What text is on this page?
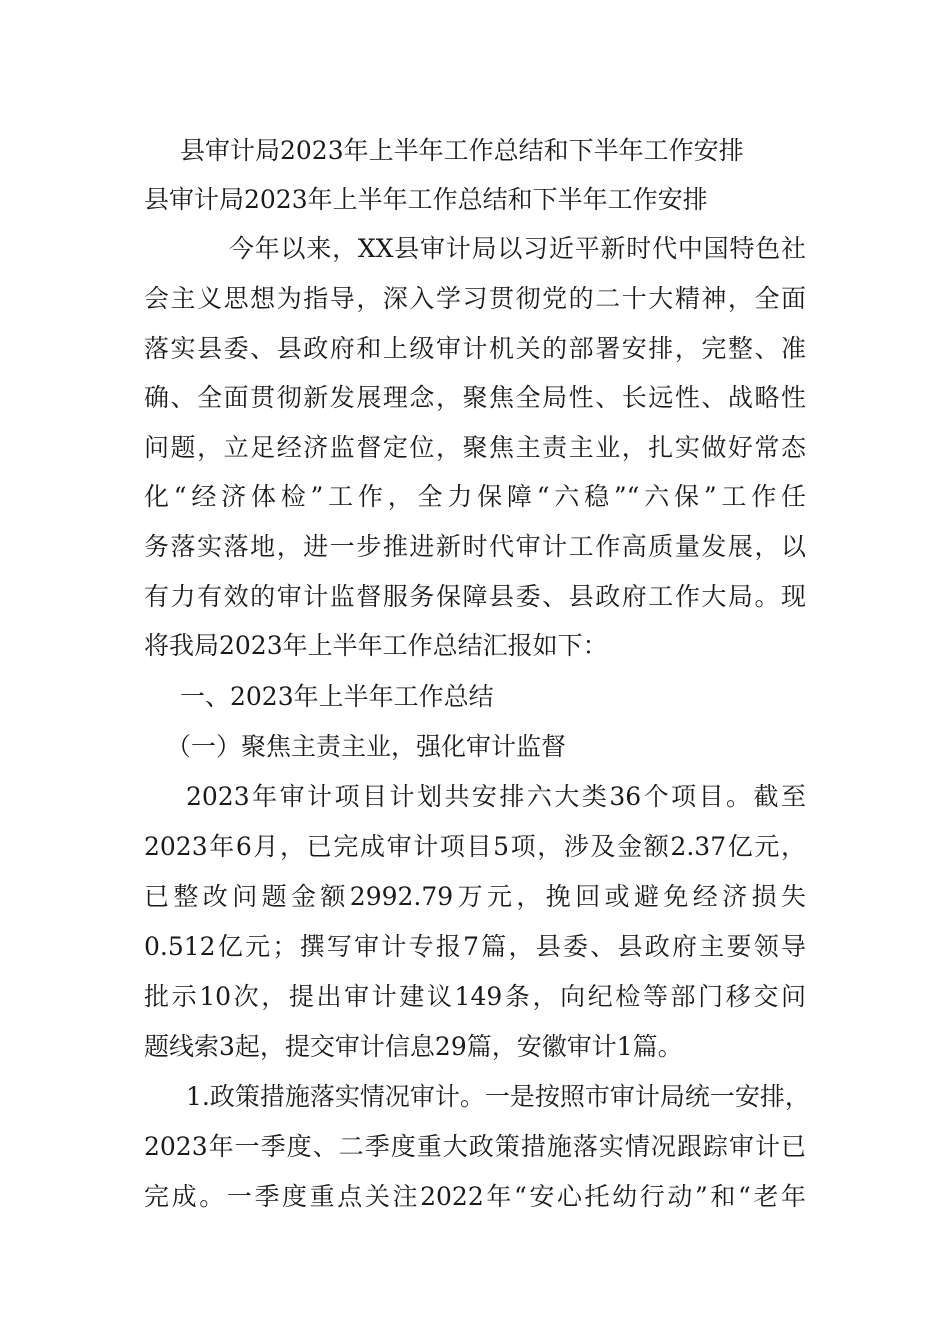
县审计局2023年上半年工作总结和下半年工作安排
县审计局2023年上半年工作总结和下半年工作安排
今年以来，XX县审计局以习近平新时代中国特色社
会主义思想为指导，深入学习贯彻党的二十大精神，全面
落实县委、县政府和上级审计机关的部署安排，完整、准
确、全面贯彻新发展理念，聚焦全局性、长远性、战略性
问题，立足经济监督定位，聚焦主责主业，扎实做好常态
化“经济体检”工作，全力保障“六稳”“六保”工作任
务落实落地，进一步推进新时代审计工作高质量发展，以
有力有效的审计监督服务保障县委、县政府工作大局。现
将我局2023年上半年工作总结汇报如下：
一、2023年上半年工作总结
（一）聚焦主责主业，强化审计监督
2023年审计项目计划共安排六大类36个项目。截至
2023年6月，已完成审计项目5项，涉及金额2.37亿元，
已整改问题金额2992.79万元，挽回或避免经济损失
0.512亿元；撰写审计专报7篇，县委、县政府主要领导
批示10次，提出审计建议149条，向纪检等部门移交问
题线索3起，提交审计信息29篇，安徽审计1篇。
1.政策措施落实情况审计。一是按照市审计局统一安排，
2023年一季度、二季度重大政策措施落实情况跟踪审计已
完成。一季度重点关注2022年“安心托幼行动”和“老年
